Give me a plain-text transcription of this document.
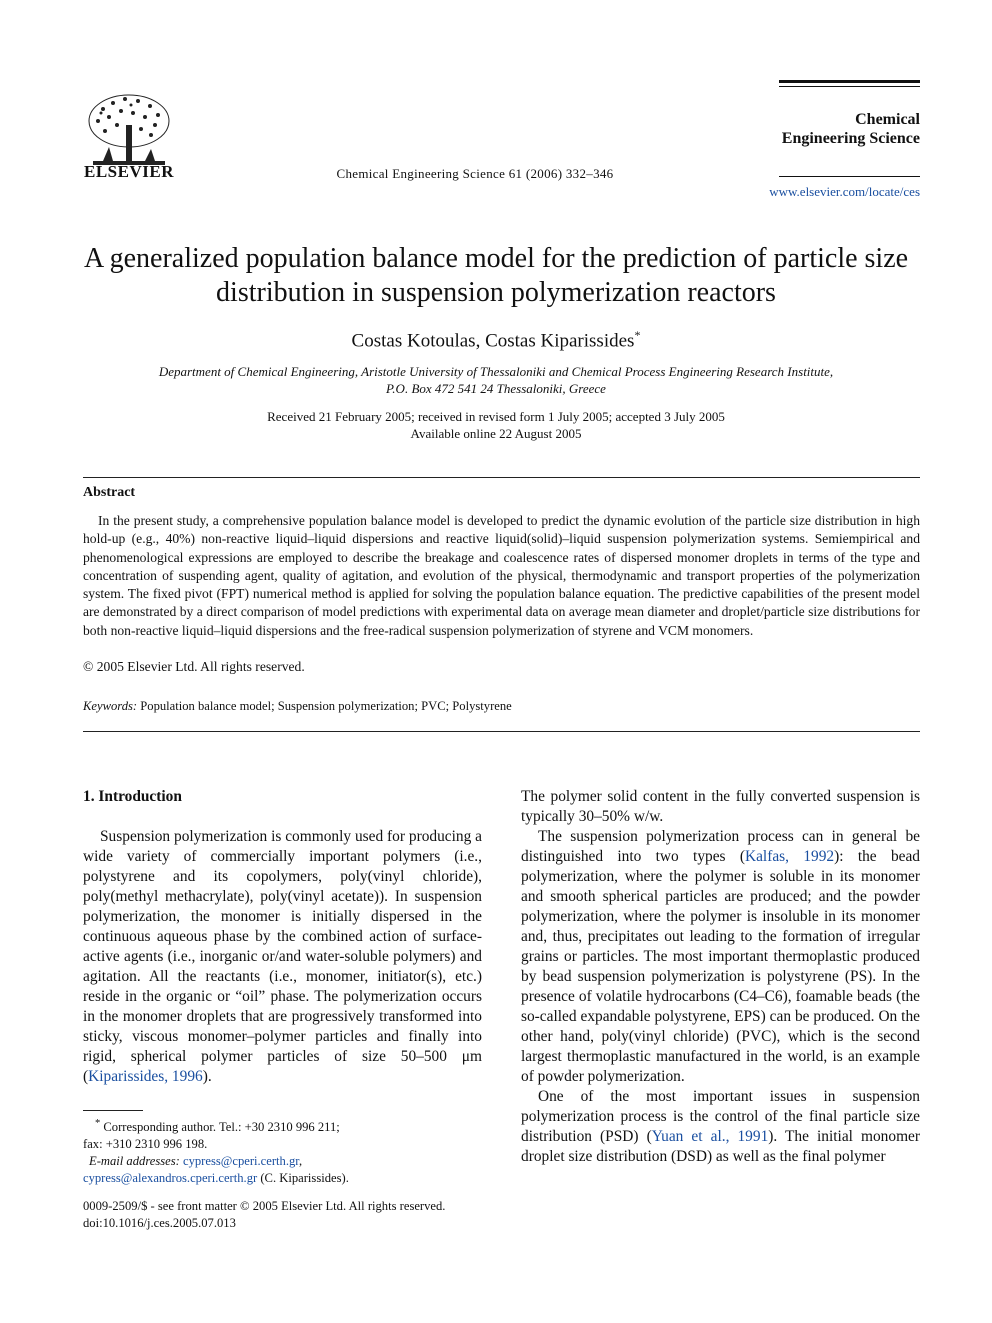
ELSEVIER	Chemical Engineering Science 61 (2006) 332–346
Chemical
Engineering Science
www.elsevier.com/locate/ces
A generalized population balance model for the prediction of particle size distribution in suspension polymerization reactors
Costas Kotoulas, Costas Kiparissides*
Department of Chemical Engineering, Aristotle University of Thessaloniki and Chemical Process Engineering Research Institute,
P.O. Box 472 541 24 Thessaloniki, Greece
Received 21 February 2005; received in revised form 1 July 2005; accepted 3 July 2005
Available online 22 August 2005
Abstract
In the present study, a comprehensive population balance model is developed to predict the dynamic evolution of the particle size distribution in high hold-up (e.g., 40%) non-reactive liquid–liquid dispersions and reactive liquid(solid)–liquid suspension polymerization systems. Semiempirical and phenomenological expressions are employed to describe the breakage and coalescence rates of dispersed monomer droplets in terms of the type and concentration of suspending agent, quality of agitation, and evolution of the physical, thermodynamic and transport properties of the polymerization system. The fixed pivot (FPT) numerical method is applied for solving the population balance equation. The predictive capabilities of the present model are demonstrated by a direct comparison of model predictions with experimental data on average mean diameter and droplet/particle size distributions for both non-reactive liquid–liquid dispersions and the free-radical suspension polymerization of styrene and VCM monomers.
© 2005 Elsevier Ltd. All rights reserved.
Keywords: Population balance model; Suspension polymerization; PVC; Polystyrene
1. Introduction

Suspension polymerization is commonly used for producing a wide variety of commercially important polymers (i.e., polystyrene and its copolymers, poly(vinyl chloride), poly(methyl methacrylate), poly(vinyl acetate)). In suspension polymerization, the monomer is initially dispersed in the continuous aqueous phase by the combined action of surface-active agents (i.e., inorganic or/and water-soluble polymers) and agitation. All the reactants (i.e., monomer, initiator(s), etc.) reside in the organic or “oil” phase. The polymerization occurs in the monomer droplets that are progressively transformed into sticky, viscous monomer–polymer particles and finally into rigid, spherical polymer particles of size 50–500 μm (Kiparissides, 1996).

The polymer solid content in the fully converted suspension is typically 30–50% w/w.

The suspension polymerization process can in general be distinguished into two types (Kalfas, 1992): the bead polymerization, where the polymer is soluble in its monomer and smooth spherical particles are produced; and the powder polymerization, where the polymer is insoluble in its monomer and, thus, precipitates out leading to the formation of irregular grains or particles. The most important thermoplastic produced by bead suspension polymerization is polystyrene (PS). In the presence of volatile hydrocarbons (C4–C6), foamable beads (the so-called expandable polystyrene, EPS) can be produced. On the other hand, poly(vinyl chloride) (PVC), which is the second largest thermoplastic manufactured in the world, is an example of powder polymerization.

One of the most important issues in suspension polymerization process is the control of the final particle size distribution (PSD) (Yuan et al., 1991). The initial monomer droplet size distribution (DSD) as well as the final polymer

* Corresponding author. Tel.: +30 2310 996 211;
fax: +310 2310 996 198.
E-mail addresses: cypress@cperi.certh.gr,
cypress@alexandros.cperi.certh.gr (C. Kiparissides).
0009-2509/$ - see front matter © 2005 Elsevier Ltd. All rights reserved.
doi:10.1016/j.ces.2005.07.013
